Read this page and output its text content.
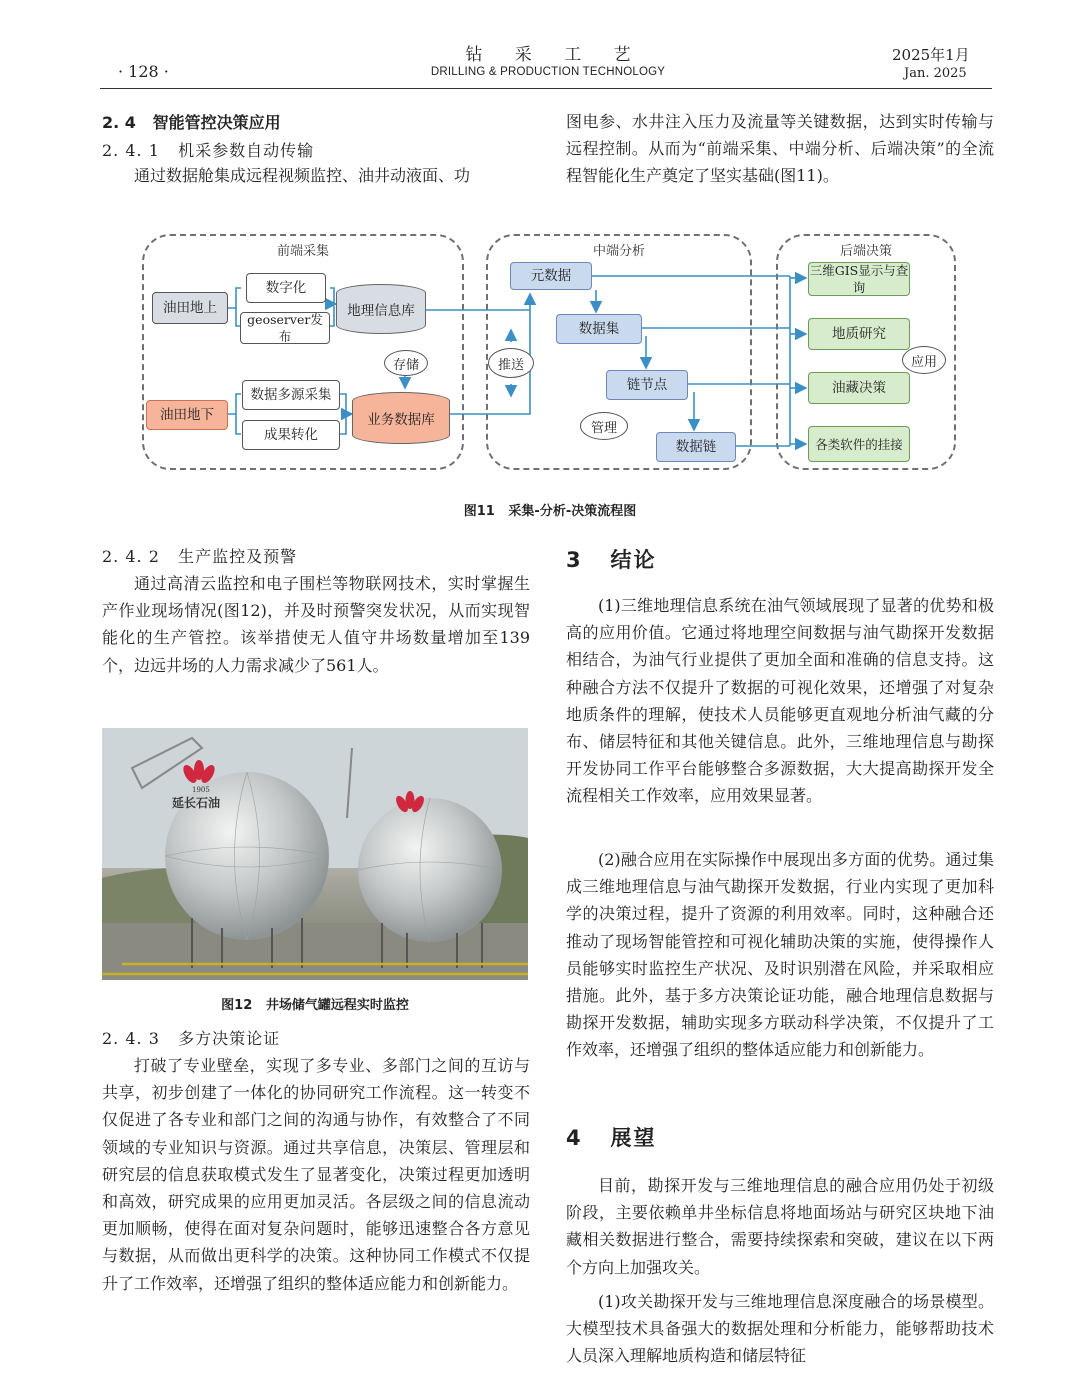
· 128 ·
钻      采      工      艺
DRILLING & PRODUCTION TECHNOLOGY
2025年1月
Jan. 2025
2. 4   智能管控决策应用
2. 4. 1   机采参数自动传输

通过数据舱集成远程视频监控、油井动液面、功

图电参、水井注入压力及流量等关键数据，达到实时传输与远程控制。从而为“前端采集、中端分析、后端决策”的全流程智能化生产奠定了坚实基础(图11)。

前端采集	中端分析	后端决策
油田地上
油田地下
数字化
geoserver发布
数据多源采集
成果转化
地理信息库
业务数据库
存储	推送
元数据
数据集
链节点
数据链
管理
三维GIS显示与查询
地质研究
油藏决策
各类软件的挂接
应用
图11   采集-分析-决策流程图
2. 4. 2   生产监控及预警

通过高清云监控和电子围栏等物联网技术，实时掌握生产作业现场情况(图12)，并及时预警突发状况，从而实现智能化的生产管控。该举措使无人值守井场数量增加至139个，边远井场的人力需求减少了561人。

1905
延长石油
图12   井场储气罐远程实时监控
2. 4. 3   多方决策论证

打破了专业壁垒，实现了多专业、多部门之间的互访与共享，初步创建了一体化的协同研究工作流程。这一转变不仅促进了各专业和部门之间的沟通与协作，有效整合了不同领域的专业知识与资源。通过共享信息，决策层、管理层和研究层的信息获取模式发生了显著变化，决策过程更加透明和高效，研究成果的应用更加灵活。各层级之间的信息流动更加顺畅，使得在面对复杂问题时，能够迅速整合各方意见与数据，从而做出更科学的决策。这种协同工作模式不仅提升了工作效率，还增强了组织的整体适应能力和创新能力。

3   结论

(1)三维地理信息系统在油气领域展现了显著的优势和极高的应用价值。它通过将地理空间数据与油气勘探开发数据相结合，为油气行业提供了更加全面和准确的信息支持。这种融合方法不仅提升了数据的可视化效果，还增强了对复杂地质条件的理解，使技术人员能够更直观地分析油气藏的分布、储层特征和其他关键信息。此外，三维地理信息与勘探开发协同工作平台能够整合多源数据，大大提高勘探开发全流程相关工作效率，应用效果显著。

(2)融合应用在实际操作中展现出多方面的优势。通过集成三维地理信息与油气勘探开发数据，行业内实现了更加科学的决策过程，提升了资源的利用效率。同时，这种融合还推动了现场智能管控和可视化辅助决策的实施，使得操作人员能够实时监控生产状况、及时识别潜在风险，并采取相应措施。此外，基于多方决策论证功能，融合地理信息数据与勘探开发数据，辅助实现多方联动科学决策，不仅提升了工作效率，还增强了组织的整体适应能力和创新能力。

4   展望

目前，勘探开发与三维地理信息的融合应用仍处于初级阶段，主要依赖单井坐标信息将地面场站与研究区块地下油藏相关数据进行整合，需要持续探索和突破，建议在以下两个方向上加强攻关。

(1)攻关勘探开发与三维地理信息深度融合的场景模型。大模型技术具备强大的数据处理和分析能力，能够帮助技术人员深入理解地质构造和储层特征
